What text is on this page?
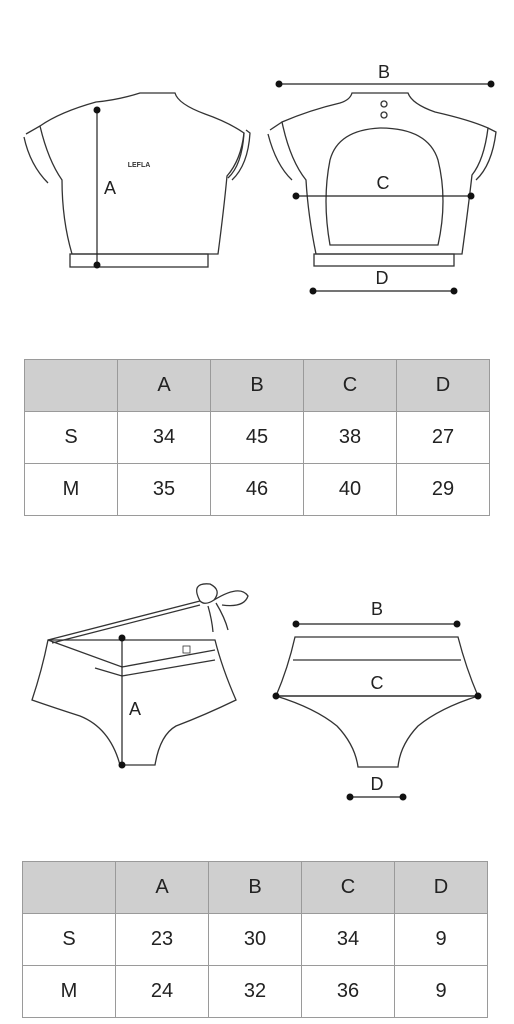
LEFLA
A
B
C
D
	A	B	C	D
S	34	45	38	27
M	35	46	40	29
A
B
C
D
	A	B	C	D
S	23	30	34	9
M	24	32	36	9
